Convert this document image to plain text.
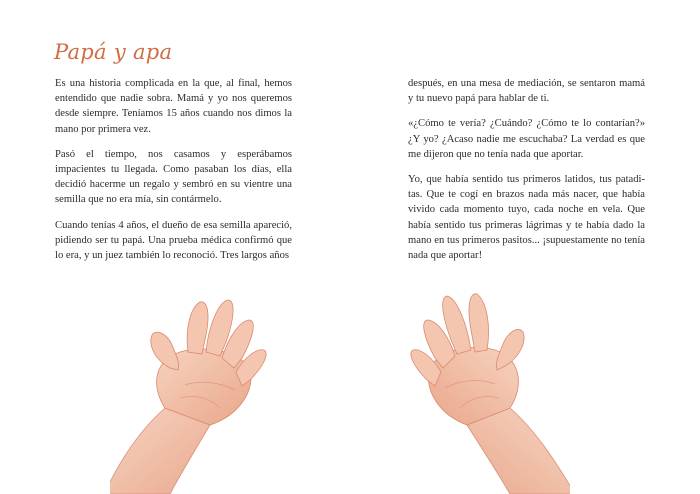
Papá y apa

Es una historia complicada en la que, al final, hemos entendido que nadie sobra. Mamá y yo nos queremos desde siempre. Teníamos 15 años cuando nos dimos la mano por primera vez.

Pasó el tiempo, nos casamos y esperábamos impacientes tu llegada. Como pasaban los días, ella decidió hacerme un regalo y sembró en su vientre una semilla que no era mía, sin contármelo.

Cuando tenías 4 años, el dueño de esa semilla apareció, pidiendo ser tu papá. Una prueba médica confirmó que lo era, y un juez también lo reconoció. Tres largos años

después, en una mesa de mediación, se sentaron mamá y tu nuevo papá para hablar de ti.

«¿Cómo te vería? ¿Cuándo? ¿Cómo te lo contarían?» ¿Y yo? ¿Acaso nadie me escuchaba? La verdad es que me dijeron que no tenía nada que aportar.

Yo, que había sentido tus primeros latidos, tus pataditas. Que te cogí en brazos nada más nacer, que había vivido cada momento tuyo, cada noche en vela. Que había sentido tus primeras lágrimas y te había dado la mano en tus primeros pasitos... ¡supuestamente no tenía nada que aportar!
